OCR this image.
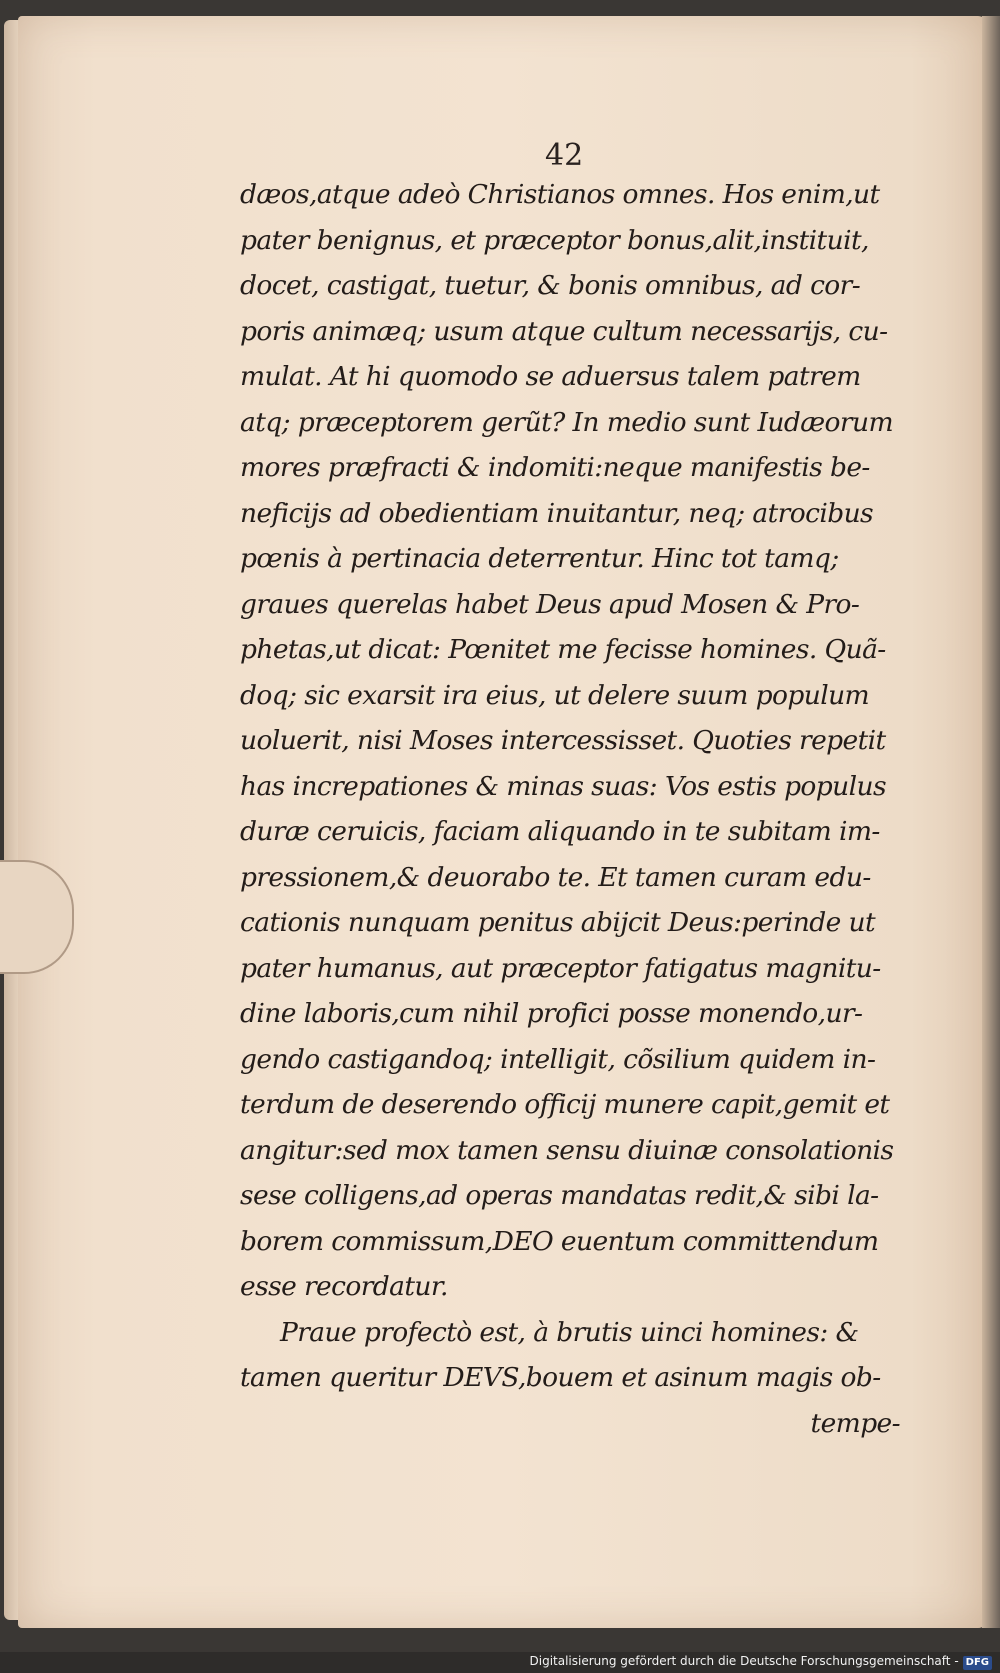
42
dæos,atque adeò Christianos omnes. Hos enim,ut
pater benignus, et præceptor bonus,alit,instituit,
docet, castigat, tuetur, & bonis omnibus, ad cor-
poris animæq; usum atque cultum necessarijs, cu-
mulat. At hi quomodo se aduersus talem patrem
atq; præceptorem gerũt? In medio sunt Iudæorum
mores præfracti & indomiti:neque manifestis be-
neficijs ad obedientiam inuitantur, neq; atrocibus
pœnis à pertinacia deterrentur. Hinc tot tamq;
graues querelas habet Deus apud Mosen & Pro-
phetas,ut dicat: Pœnitet me fecisse homines. Quã-
doq; sic exarsit ira eius, ut delere suum populum
uoluerit, nisi Moses intercessisset. Quoties repetit
has increpationes & minas suas: Vos estis populus
duræ ceruicis, faciam aliquando in te subitam im-
pressionem,& deuorabo te. Et tamen curam edu-
cationis nunquam penitus abijcit Deus:perinde ut
pater humanus, aut præceptor fatigatus magnitu-
dine laboris,cum nihil profici posse monendo,ur-
gendo castigandoq; intelligit, cõsilium quidem in-
terdum de deserendo officij munere capit,gemit et
angitur:sed mox tamen sensu diuinæ consolationis
sese colligens,ad operas mandatas redit,& sibi la-
borem commissum,DEO euentum committendum
esse recordatur.
Praue profectò est, à brutis uinci homines: &
tamen queritur DEVS,bouem et asinum magis ob-
tempe-
Digitalisierung gefördert durch die Deutsche Forschungsgemeinschaft - DFG
